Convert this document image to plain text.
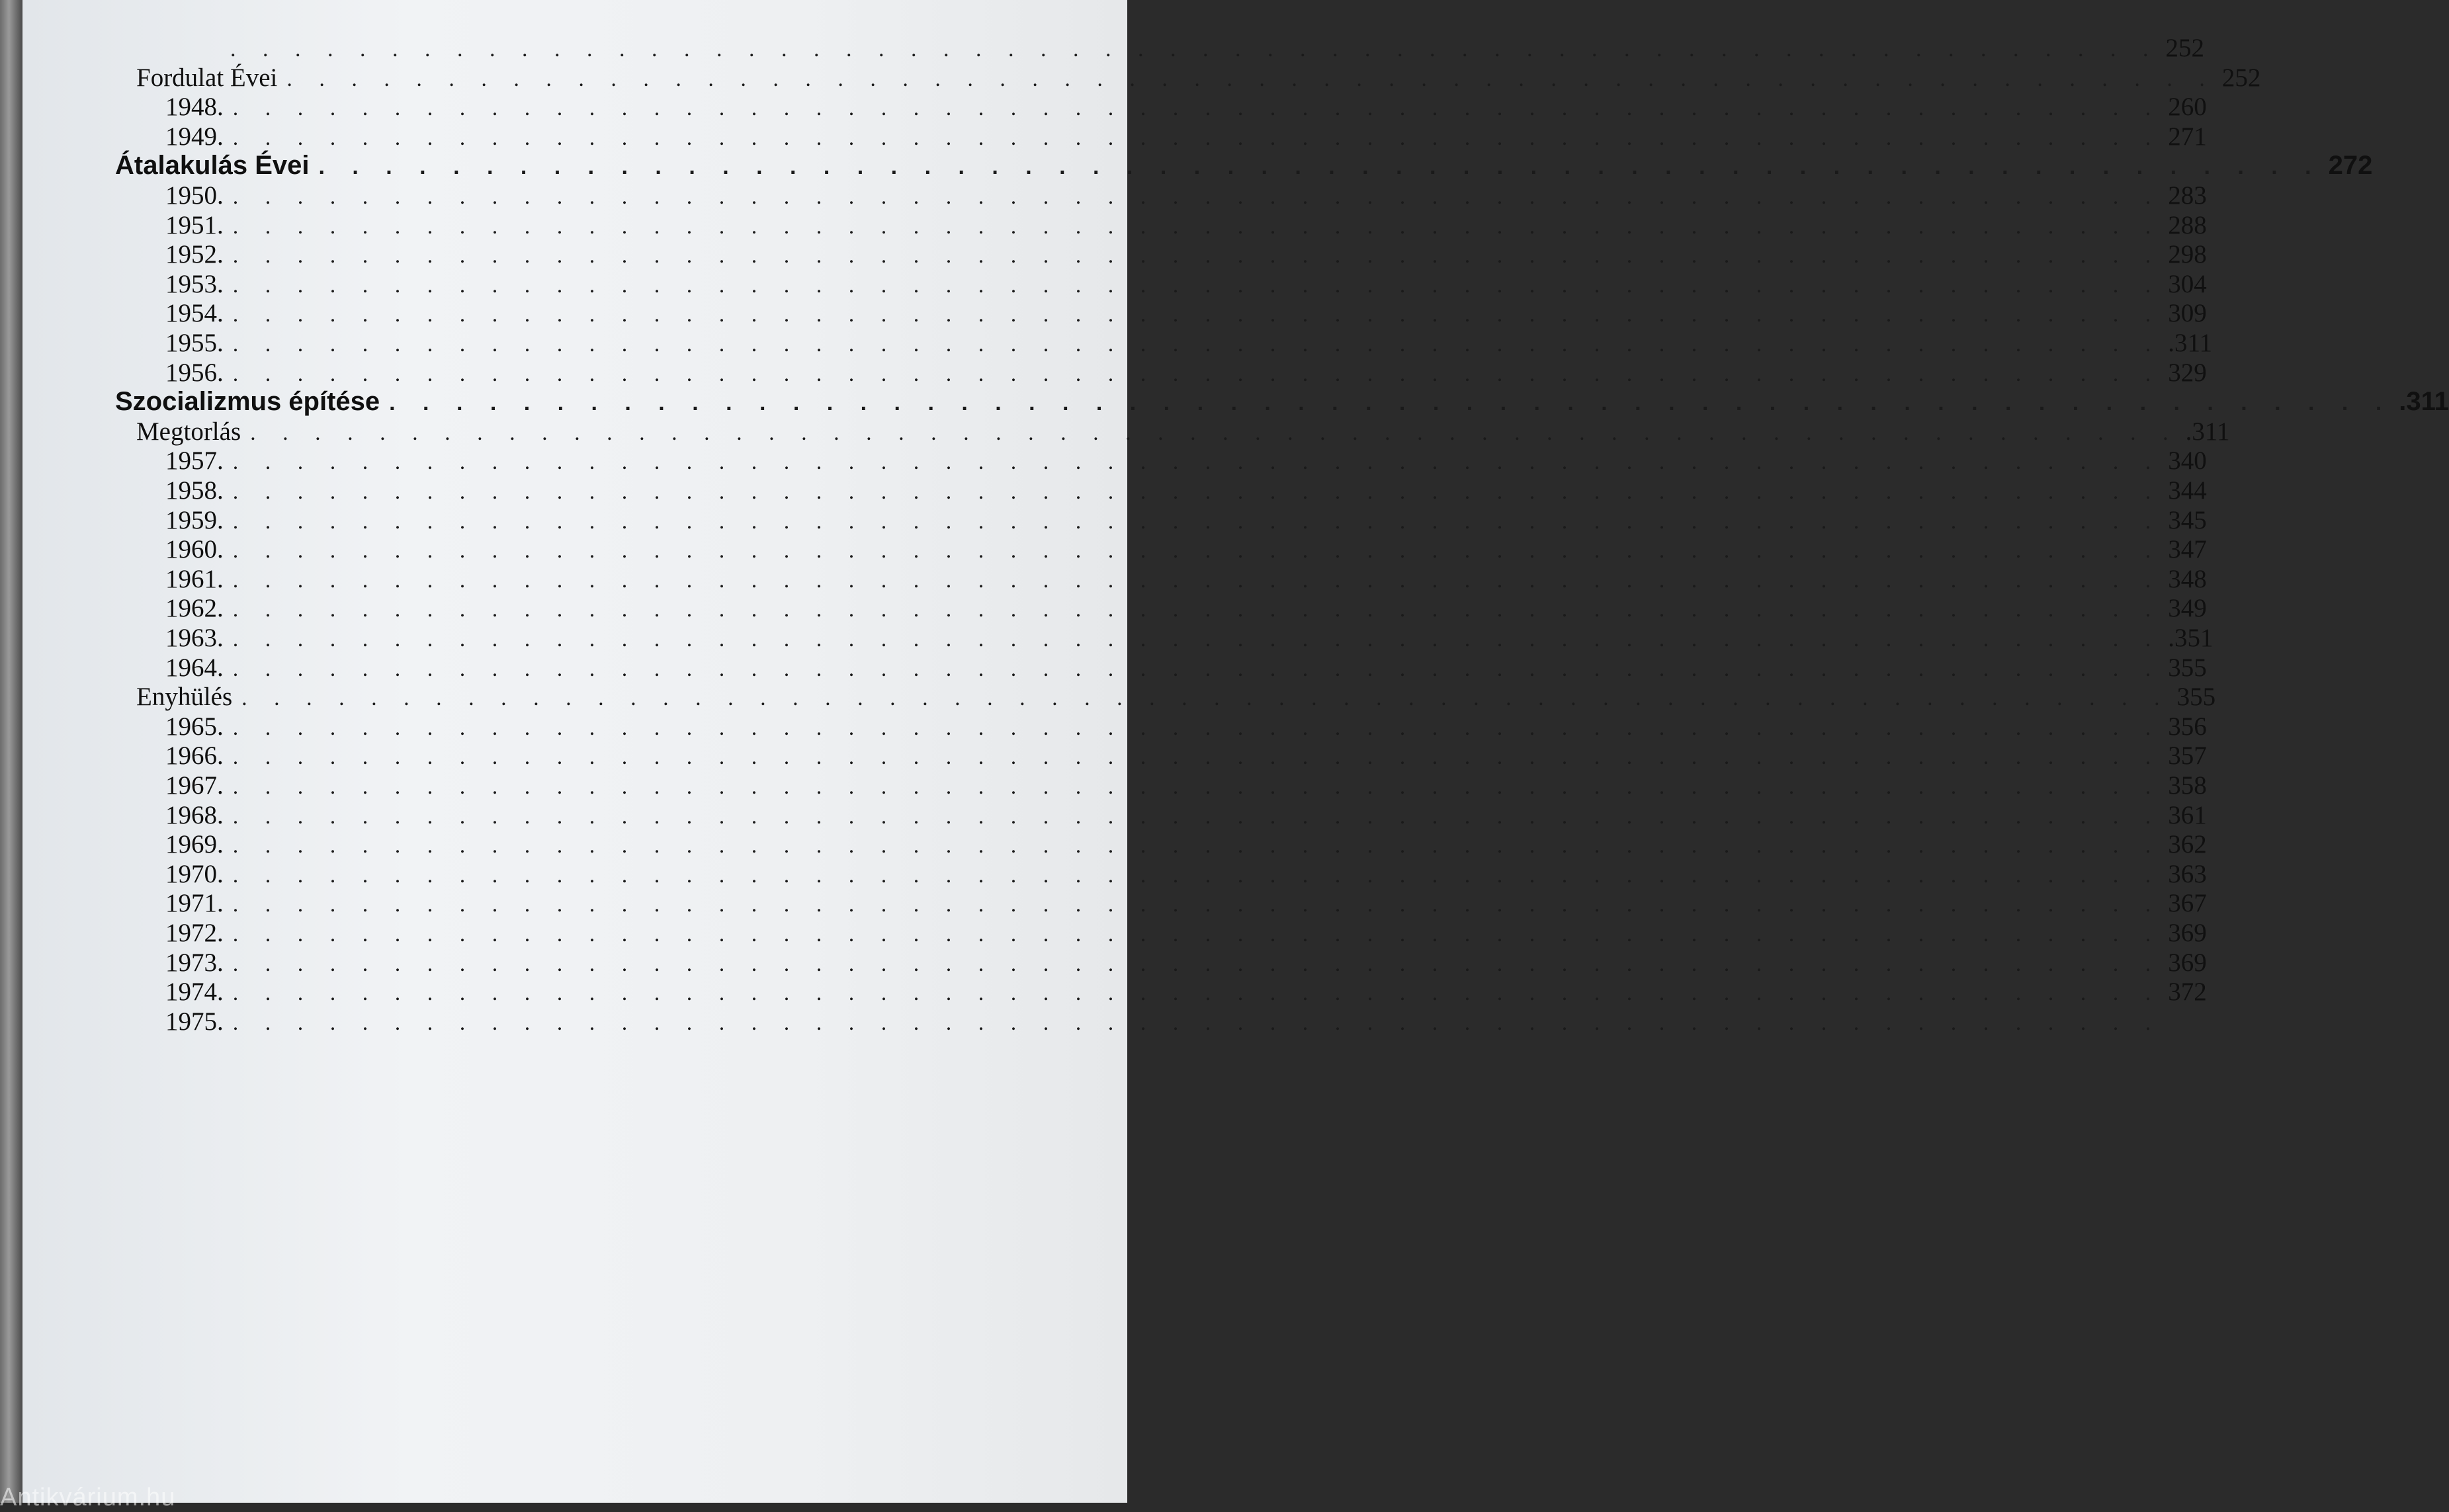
. . . . . . . . . . . . . . . . . . . . . . . . . . . . . . . . . . . . . . . . . . . . . . . . . . . . . . . . . . . . 252
Fordulat Évei . . . . . . . . . . . . . . . . . . . . . . . . . . . . . . . . . . . . . . . . . . . . . . . . . . . . . . . . . . . . 252
1948. . . . . . . . . . . . . . . . . . . . . . . . . . . . . . . . . . . . . . . . . . . . . . . . . . . . . . . . . . . . . 260
1949. . . . . . . . . . . . . . . . . . . . . . . . . . . . . . . . . . . . . . . . . . . . . . . . . . . . . . . . . . . . . 271
Átalakulás Évei . . . . . . . . . . . . . . . . . . . . . . . . . . . . . . . . . . . . . . . . . . . . . . . . . . . . . . . . . . . . 272
1950. . . . . . . . . . . . . . . . . . . . . . . . . . . . . . . . . . . . . . . . . . . . . . . . . . . . . . . . . . . . . 283
1951. . . . . . . . . . . . . . . . . . . . . . . . . . . . . . . . . . . . . . . . . . . . . . . . . . . . . . . . . . . . . 288
1952. . . . . . . . . . . . . . . . . . . . . . . . . . . . . . . . . . . . . . . . . . . . . . . . . . . . . . . . . . . . . 298
1953. . . . . . . . . . . . . . . . . . . . . . . . . . . . . . . . . . . . . . . . . . . . . . . . . . . . . . . . . . . . . 304
1954. . . . . . . . . . . . . . . . . . . . . . . . . . . . . . . . . . . . . . . . . . . . . . . . . . . . . . . . . . . . . 309
1955. . . . . . . . . . . . . . . . . . . . . . . . . . . . . . . . . . . . . . . . . . . . . . . . . . . . . . . . . . . . . .311
1956. . . . . . . . . . . . . . . . . . . . . . . . . . . . . . . . . . . . . . . . . . . . . . . . . . . . . . . . . . . . . 329
Szocializmus építése . . . . . . . . . . . . . . . . . . . . . . . . . . . . . . . . . . . . . . . . . . . . . . . . . . . . . . . . . . . . .311
Megtorlás . . . . . . . . . . . . . . . . . . . . . . . . . . . . . . . . . . . . . . . . . . . . . . . . . . . . . . . . . . . . .311
1957. . . . . . . . . . . . . . . . . . . . . . . . . . . . . . . . . . . . . . . . . . . . . . . . . . . . . . . . . . . . . 340
1958. . . . . . . . . . . . . . . . . . . . . . . . . . . . . . . . . . . . . . . . . . . . . . . . . . . . . . . . . . . . . 344
1959. . . . . . . . . . . . . . . . . . . . . . . . . . . . . . . . . . . . . . . . . . . . . . . . . . . . . . . . . . . . . 345
1960. . . . . . . . . . . . . . . . . . . . . . . . . . . . . . . . . . . . . . . . . . . . . . . . . . . . . . . . . . . . . 347
1961. . . . . . . . . . . . . . . . . . . . . . . . . . . . . . . . . . . . . . . . . . . . . . . . . . . . . . . . . . . . . 348
1962. . . . . . . . . . . . . . . . . . . . . . . . . . . . . . . . . . . . . . . . . . . . . . . . . . . . . . . . . . . . . 349
1963. . . . . . . . . . . . . . . . . . . . . . . . . . . . . . . . . . . . . . . . . . . . . . . . . . . . . . . . . . . . . .351
1964. . . . . . . . . . . . . . . . . . . . . . . . . . . . . . . . . . . . . . . . . . . . . . . . . . . . . . . . . . . . . 355
Enyhülés . . . . . . . . . . . . . . . . . . . . . . . . . . . . . . . . . . . . . . . . . . . . . . . . . . . . . . . . . . . . 355
1965. . . . . . . . . . . . . . . . . . . . . . . . . . . . . . . . . . . . . . . . . . . . . . . . . . . . . . . . . . . . . 356
1966. . . . . . . . . . . . . . . . . . . . . . . . . . . . . . . . . . . . . . . . . . . . . . . . . . . . . . . . . . . . . 357
1967. . . . . . . . . . . . . . . . . . . . . . . . . . . . . . . . . . . . . . . . . . . . . . . . . . . . . . . . . . . . . 358
1968. . . . . . . . . . . . . . . . . . . . . . . . . . . . . . . . . . . . . . . . . . . . . . . . . . . . . . . . . . . . . 361
1969. . . . . . . . . . . . . . . . . . . . . . . . . . . . . . . . . . . . . . . . . . . . . . . . . . . . . . . . . . . . . 362
1970. . . . . . . . . . . . . . . . . . . . . . . . . . . . . . . . . . . . . . . . . . . . . . . . . . . . . . . . . . . . . 363
1971. . . . . . . . . . . . . . . . . . . . . . . . . . . . . . . . . . . . . . . . . . . . . . . . . . . . . . . . . . . . . 367
1972. . . . . . . . . . . . . . . . . . . . . . . . . . . . . . . . . . . . . . . . . . . . . . . . . . . . . . . . . . . . . 369
1973. . . . . . . . . . . . . . . . . . . . . . . . . . . . . . . . . . . . . . . . . . . . . . . . . . . . . . . . . . . . . 369
1974. . . . . . . . . . . . . . . . . . . . . . . . . . . . . . . . . . . . . . . . . . . . . . . . . . . . . . . . . . . . . 372
1975. . . . . . . . . . . . . . . . . . . . . . . . . . . . . . . . . . . . . . . . . . . . . . . . . . . . . . . . . . . . .
Antikvárium.hu
